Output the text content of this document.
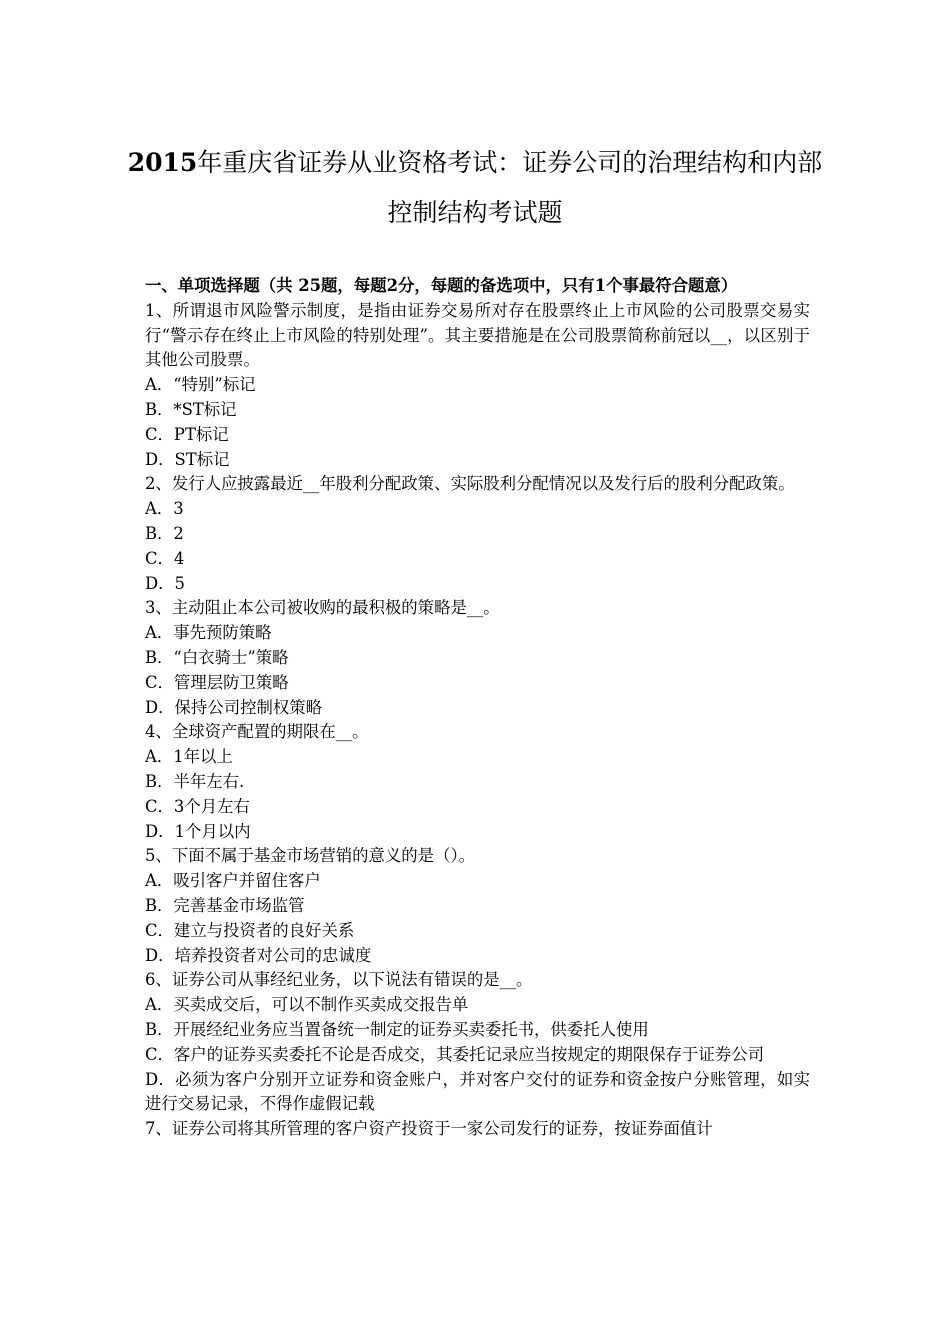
2015年重庆省证券从业资格考试：证券公司的治理结构和内部控制结构考试题

一、单项选择题（共 25题，每题2分，每题的备选项中，只有1个事最符合题意）

1、所谓退市风险警示制度，是指由证券交易所对存在股票终止上市风险的公司股票交易实行“警示存在终止上市风险的特别处理”。其主要措施是在公司股票简称前冠以__，以区别于其他公司股票。

A．“特别”标记

B．*ST标记

C．PT标记

D．ST标记

2、发行人应披露最近__年股利分配政策、实际股利分配情况以及发行后的股利分配政策。

A．3

B．2

C．4

D．5

3、主动阻止本公司被收购的最积极的策略是__。

A．事先预防策略

B．“白衣骑士”策略

C．管理层防卫策略

D．保持公司控制权策略

4、全球资产配置的期限在__。

A．1年以上

B．半年左右.

C．3个月左右

D．1个月以内

5、下面不属于基金市场营销的意义的是（）。

A．吸引客户并留住客户

B．完善基金市场监管

C．建立与投资者的良好关系

D．培养投资者对公司的忠诚度

6、证券公司从事经纪业务，以下说法有错误的是__。

A．买卖成交后，可以不制作买卖成交报告单

B．开展经纪业务应当置备统一制定的证券买卖委托书，供委托人使用

C．客户的证券买卖委托不论是否成交，其委托记录应当按规定的期限保存于证券公司

D．必须为客户分别开立证券和资金账户，并对客户交付的证券和资金按户分账管理，如实进行交易记录，不得作虚假记载

7、证券公司将其所管理的客户资产投资于一家公司发行的证券，按证券面值计
